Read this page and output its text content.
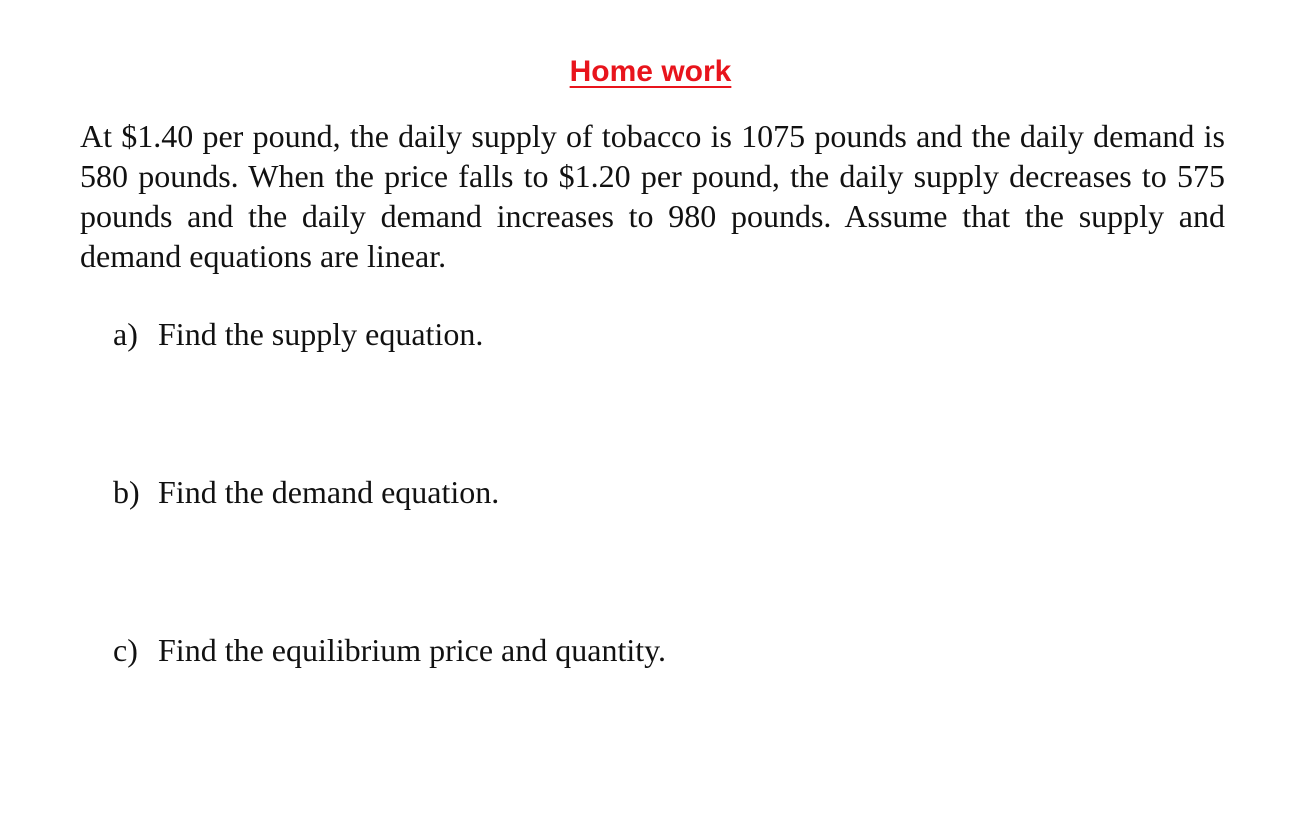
Home work

At $1.40 per pound, the daily supply of tobacco is 1075 pounds and the daily demand is 580 pounds. When the price falls to $1.20 per pound, the daily supply decreases to 575 pounds and the daily demand increases to 980 pounds. Assume that the supply and demand equations are linear.

a) Find the supply equation.

b) Find the demand equation.

c) Find the equilibrium price and quantity.
